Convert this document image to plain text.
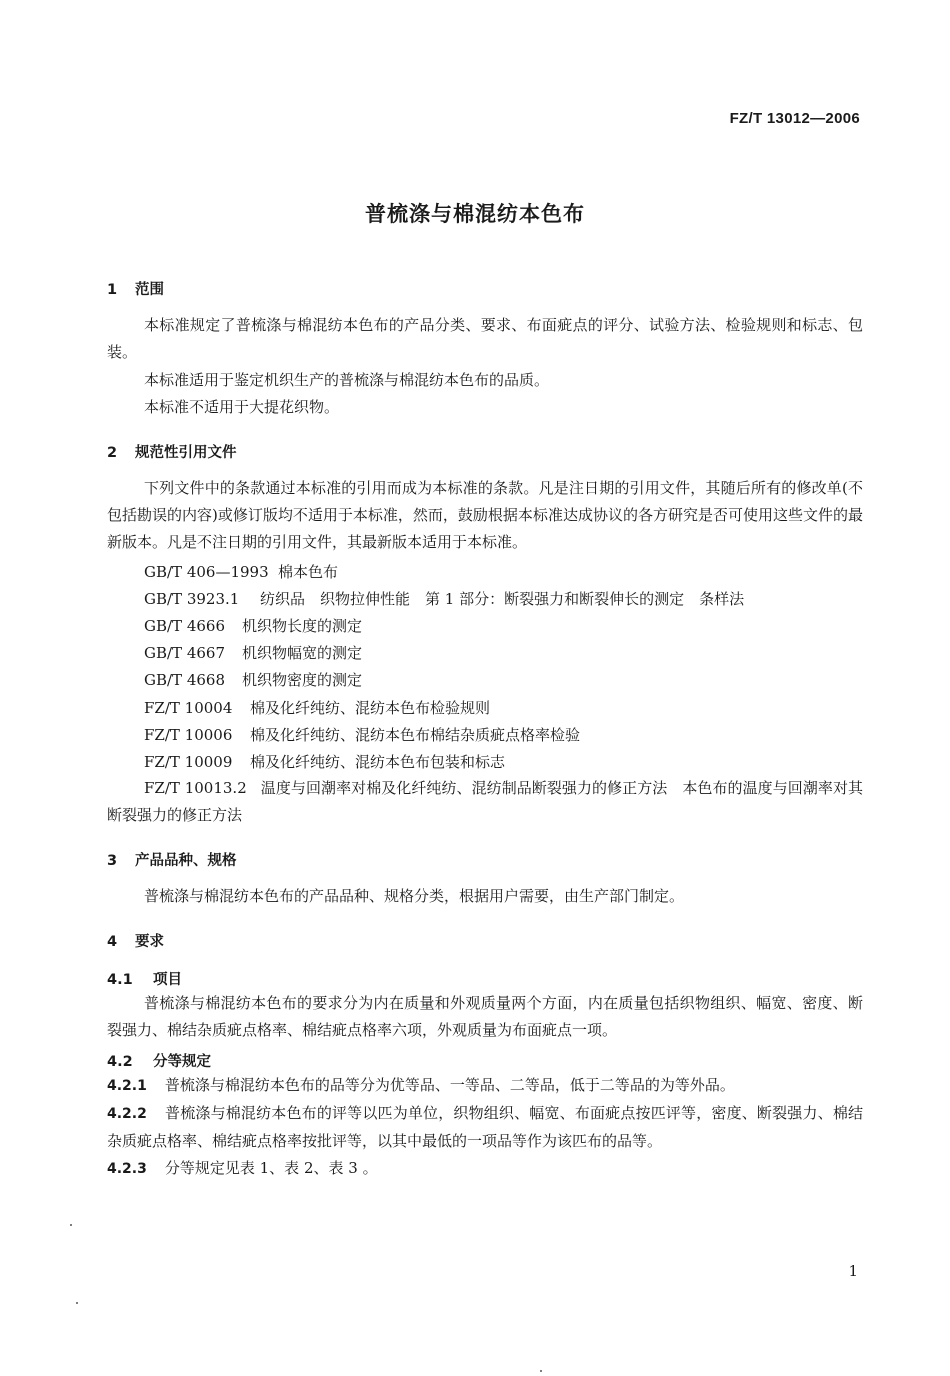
FZ/T 13012—2006
普梳涤与棉混纺本色布
1 范围
本标准规定了普梳涤与棉混纺本色布的产品分类、要求、布面疵点的评分、试验方法、检验规则和标志、包装。
本标准适用于鉴定机织生产的普梳涤与棉混纺本色布的品质。
本标准不适用于大提花织物。
2 规范性引用文件
下列文件中的条款通过本标准的引用而成为本标准的条款。凡是注日期的引用文件，其随后所有的修改单(不包括勘误的内容)或修订版均不适用于本标准，然而，鼓励根据本标准达成协议的各方研究是否可使用这些文件的最新版本。凡是不注日期的引用文件，其最新版本适用于本标准。
GB/T 406—1993 棉本色布
GB/T 3923.1 纺织品　织物拉伸性能　第 1 部分：断裂强力和断裂伸长的测定　条样法
GB/T 4666 机织物长度的测定
GB/T 4667 机织物幅宽的测定
GB/T 4668 机织物密度的测定
FZ/T 10004 棉及化纤纯纺、混纺本色布检验规则
FZ/T 10006 棉及化纤纯纺、混纺本色布棉结杂质疵点格率检验
FZ/T 10009 棉及化纤纯纺、混纺本色布包装和标志
FZ/T 10013.2 温度与回潮率对棉及化纤纯纺、混纺制品断裂强力的修正方法　本色布的温度与回潮率对其断裂强力的修正方法
3 产品品种、规格
普梳涤与棉混纺本色布的产品品种、规格分类，根据用户需要，由生产部门制定。
4 要求
4.1 项目
普梳涤与棉混纺本色布的要求分为内在质量和外观质量两个方面，内在质量包括织物组织、幅宽、密度、断裂强力、棉结杂质疵点格率、棉结疵点格率六项，外观质量为布面疵点一项。
4.2 分等规定
4.2.1 普梳涤与棉混纺本色布的品等分为优等品、一等品、二等品，低于二等品的为等外品。
4.2.2 普梳涤与棉混纺本色布的评等以匹为单位，织物组织、幅宽、布面疵点按匹评等，密度、断裂强力、棉结杂质疵点格率、棉结疵点格率按批评等，以其中最低的一项品等作为该匹布的品等。
4.2.3 分等规定见表 1、表 2、表 3 。
1
